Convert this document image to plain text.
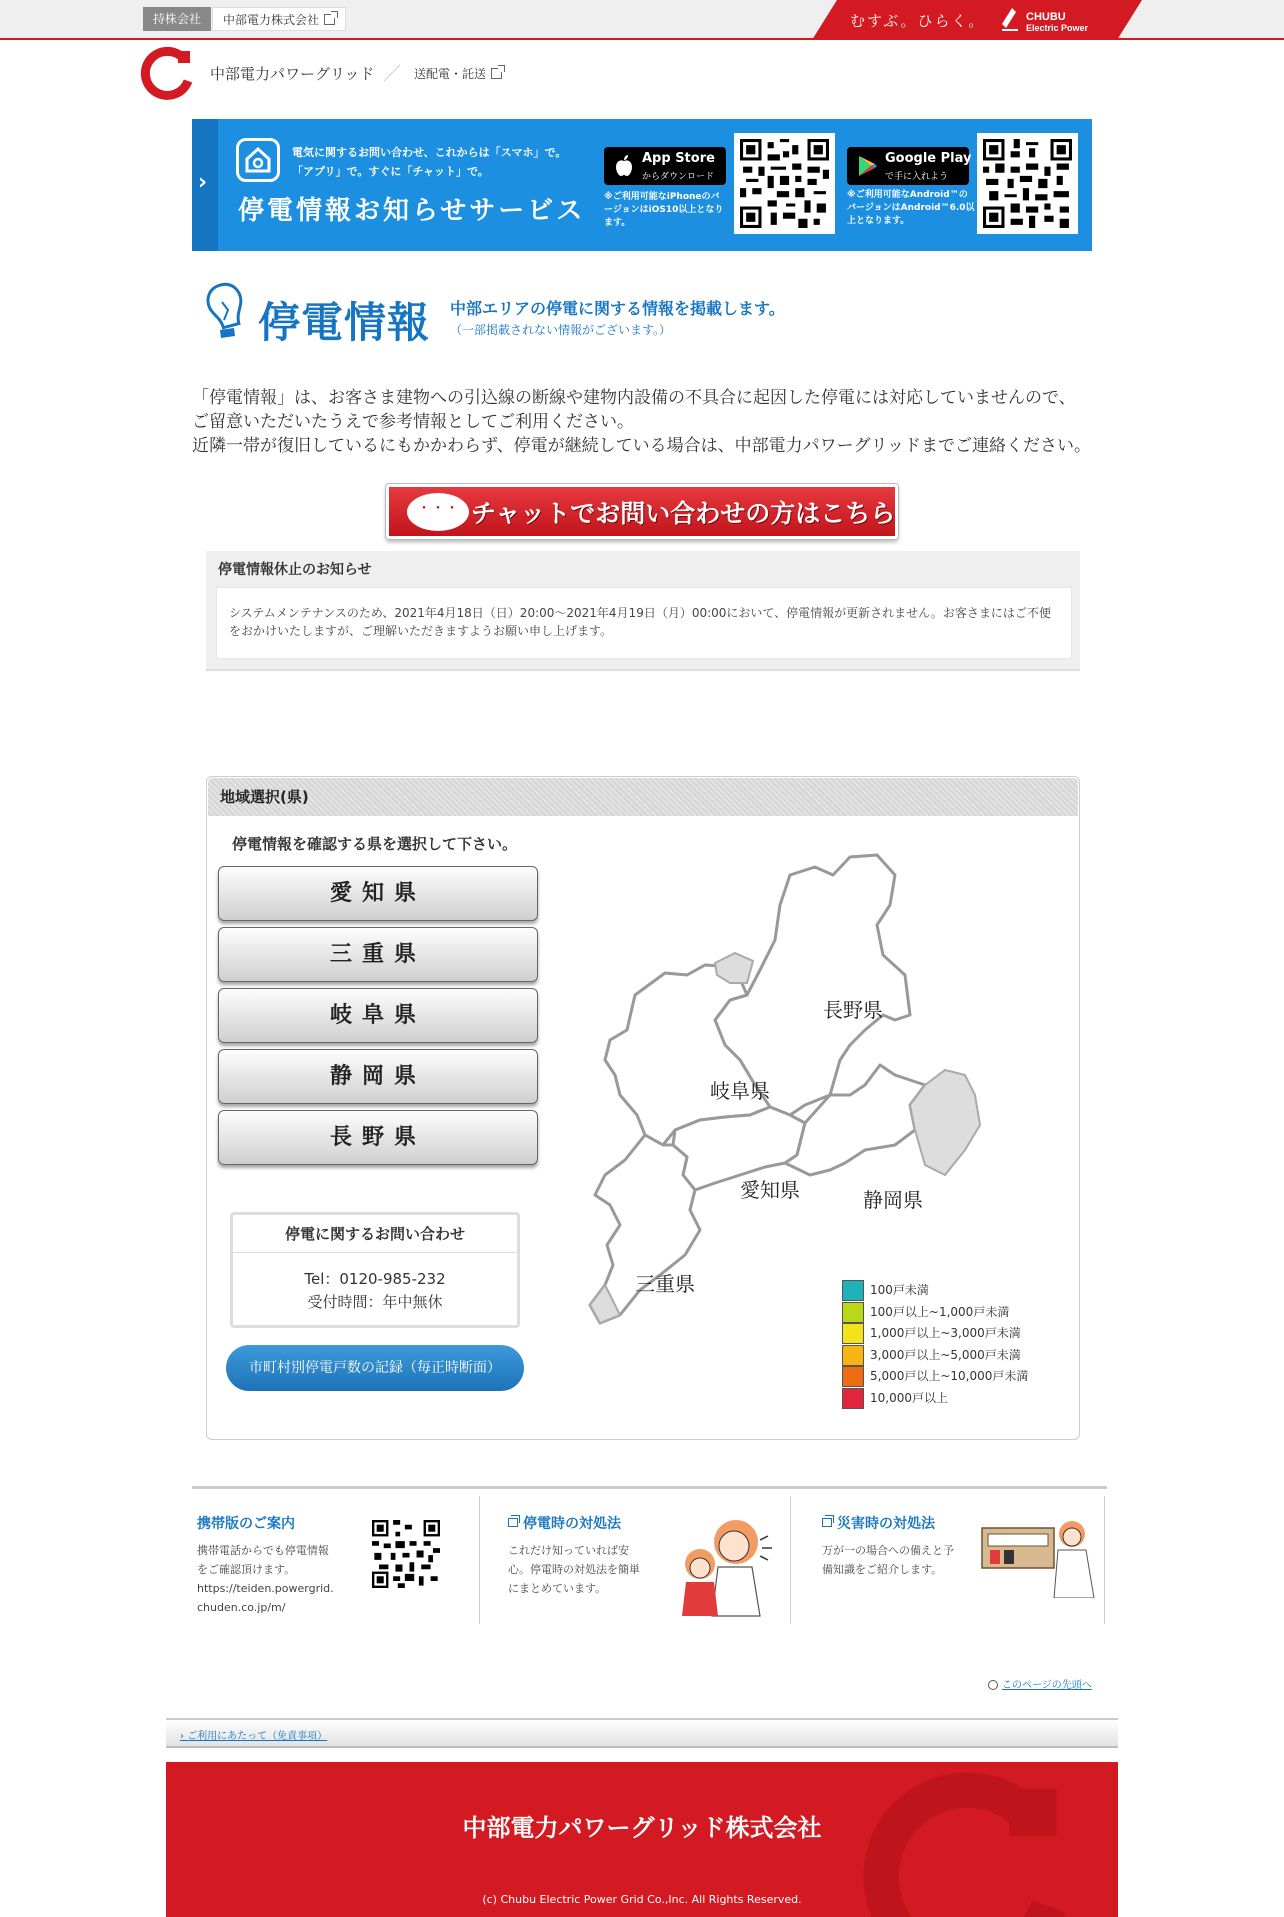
持株会社	中部電力株式会社	むすぶ。ひらく。	CHUBU
Electric Power
中部電力パワーグリッド ／ 送配電・託送
›
電気に関するお問い合わせ、これからは「スマホ」で。
「アプリ」で。すぐに「チャット」で。
停電情報お知らせサービス
App Store
からダウンロード
※ご利用可能なiPhoneのバージョンはiOS10以上となります。
Google Play
で手に入れよう
※ご利用可能なAndroid™のバージョンはAndroid™6.0以上となります。
停電情報 中部エリアの停電に関する情報を掲載します。
（一部掲載されない情報がございます。）

「停電情報」は、お客さま建物への引込線の断線や建物内設備の不具合に起因した停電には対応していませんので、ご留意いただいたうえで参考情報としてご利用ください。

近隣一帯が復旧しているにもかかわらず、停電が継続している場合は、中部電力パワーグリッドまでご連絡ください。

・・・ チャットでお問い合わせの方はこちら
停電情報休止のお知らせ
システムメンテナンスのため、2021年4月18日（日）20:00～2021年4月19日（月）00:00において、停電情報が更新されません。お客さまにはご不便をおかけいたしますが、ご理解いただきますようお願い申し上げます。
地域選択(県)
停電情報を確認する県を選択して下さい。
愛知県
三重県
岐阜県
静岡県
長野県
停電に関するお問い合わせ
Tel：0120-985-232
受付時間：年中無休
市町村別停電戸数の記録（毎正時断面）
長野県
岐阜県
愛知県	静岡県
三重県	100戸未満
100戸以上~1,000戸未満
1,000戸以上~3,000戸未満
3,000戸以上~5,000戸未満
5,000戸以上~10,000戸未満
10,000戸以上
携帯版のご案内
携帯電話からでも停電情報
をご確認頂けます。
https://teiden.powergrid.
chuden.co.jp/m/
停電時の対処法
これだけ知っていれば安
心。停電時の対処法を簡単
にまとめています。
災害時の対処法
万が一の場合への備えと予
備知識をご紹介します。
このページの先頭へ
› ご利用にあたって（免責事項）
中部電力パワーグリッド株式会社
(c) Chubu Electric Power Grid Co.,Inc. All Rights Reserved.
